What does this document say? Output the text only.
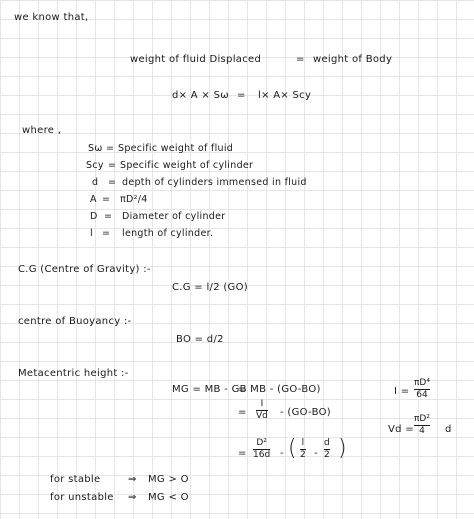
we know that,
weight of fluid Displaced	= weight of Body
d× A × Sω = l× A× Scy
where ,
Sω = Specific weight of fluid
Scy = Specific weight of cylinder
d = depth of cylinders immensed in fluid
A = πD²/4
D = Diameter of cylinder
l = length of cylinder.
C.G (Centre of Gravity) :-
C.G = l/2 (GO)
centre of Buoyancy :-
BO = d/2
Metacentric height :-
MG = MB - GB
= MB - (GO-BO)
=
I
Vd - (GO-BO)
=
D²
16d - ( l
2 -
d
2 )
I =
πD⁴
64
Vd =
πD²
4 d
for stable	⇒ MG > O
for unstable ⇒ MG < O
